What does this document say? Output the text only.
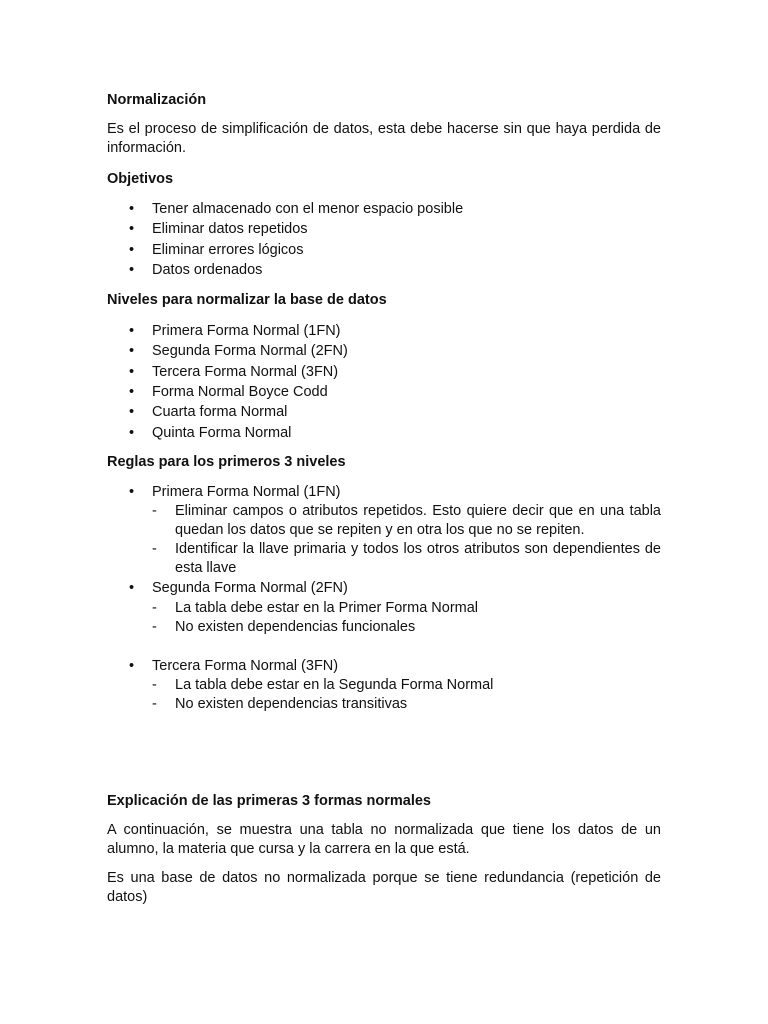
Normalización

Es el proceso de simplificación de datos, esta debe hacerse sin que haya perdida de información.

Objetivos

• Tener almacenado con el menor espacio posible
• Eliminar datos repetidos
• Eliminar errores lógicos
• Datos ordenados

Niveles para normalizar la base de datos

• Primera Forma Normal (1FN)
• Segunda Forma Normal (2FN)
• Tercera Forma Normal (3FN)
• Forma Normal Boyce Codd
• Cuarta forma Normal
• Quinta Forma Normal

Reglas para los primeros 3 niveles

• Primera Forma Normal (1FN)
- Eliminar campos o atributos repetidos. Esto quiere decir que en una tabla quedan los datos que se repiten y en otra los que no se repiten.
- Identificar la llave primaria y todos los otros atributos son dependientes de esta llave
• Segunda Forma Normal (2FN)
- La tabla debe estar en la Primer Forma Normal
- No existen dependencias funcionales
• Tercera Forma Normal (3FN)
- La tabla debe estar en la Segunda Forma Normal
- No existen dependencias transitivas

Explicación de las primeras 3 formas normales

A continuación, se muestra una tabla no normalizada que tiene los datos de un alumno, la materia que cursa y la carrera en la que está.

Es una base de datos no normalizada porque se tiene redundancia (repetición de datos)
